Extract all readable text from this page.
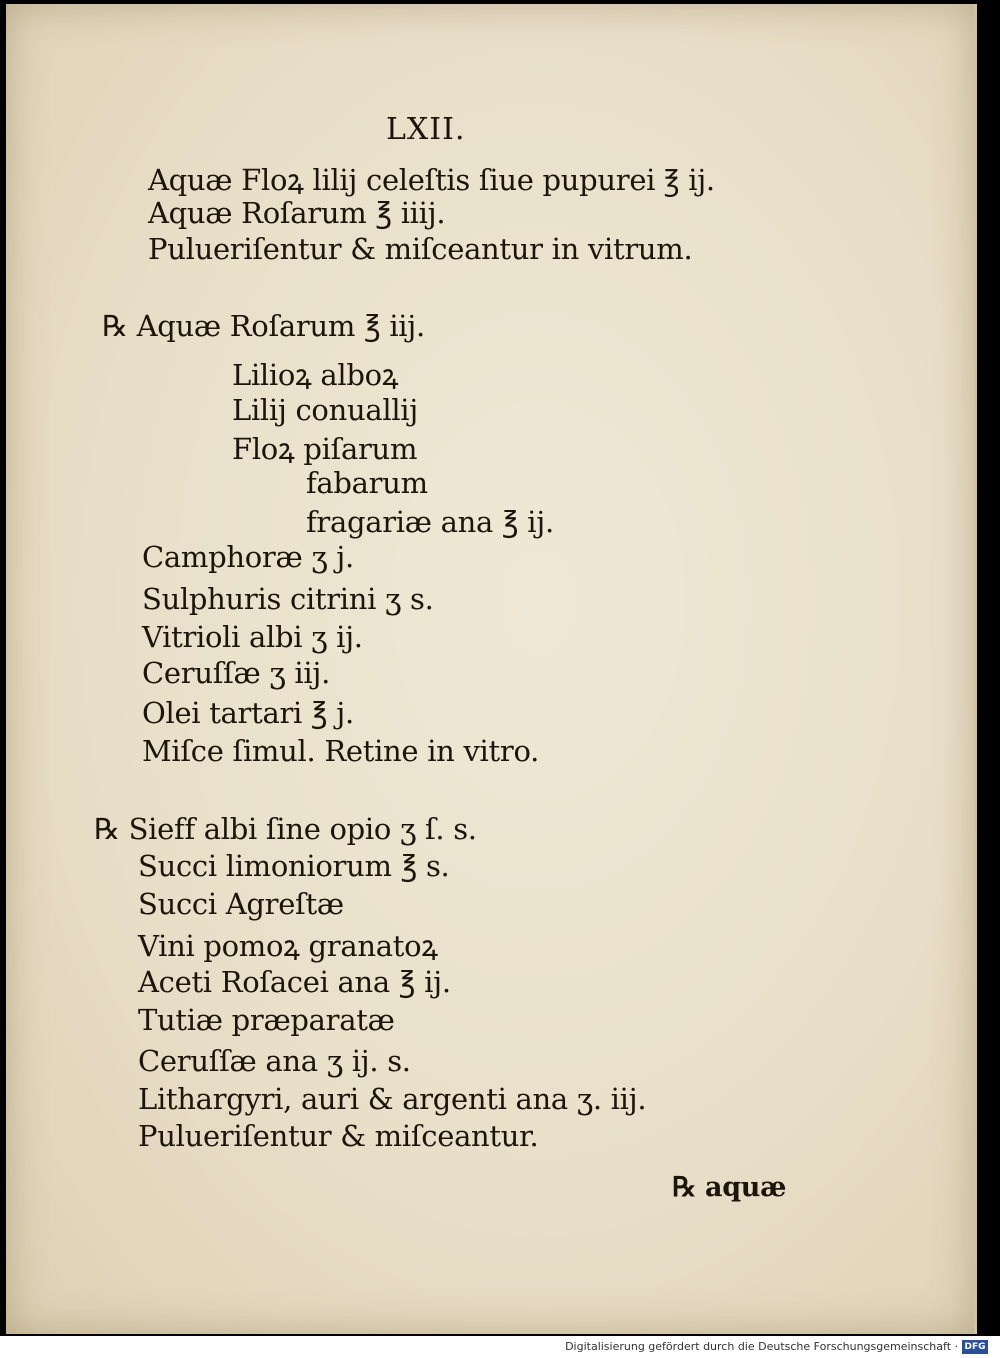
LXII.
Aquæ Floꝝ lilij celeſtis ſiue pupurei ℥ ij.
Aquæ Roſarum ℥ iiij.
Pulueriſentur & miſceantur in vitrum.
℞ Aquæ Roſarum ℥ iij.
Lilioꝝ alboꝝ
Lilij conuallij
Floꝝ piſarum
fabarum
fragariæ ana ℥ ij.
Camphoræ ʒ j.
Sulphuris citrini ʒ s.
Vitrioli albi ʒ ij.
Ceruſſæ ʒ iij.
Olei tartari ℥ j.
Miſce ſimul. Retine in vitro.
℞ Sieff albi ſine opio ʒ ſ. s.
Succi limoniorum ℥ s.
Succi Agreſtæ
Vini pomoꝝ granatoꝝ
Aceti Roſacei ana ℥ ij.
Tutiæ præparatæ
Ceruſſæ ana ʒ ij. s.
Lithargyri, auri & argenti ana ʒ. iij.
Pulueriſentur & miſceantur.
℞ aquæ
Digitalisierung gefördert durch die Deutsche Forschungsgemeinschaft · DFG
